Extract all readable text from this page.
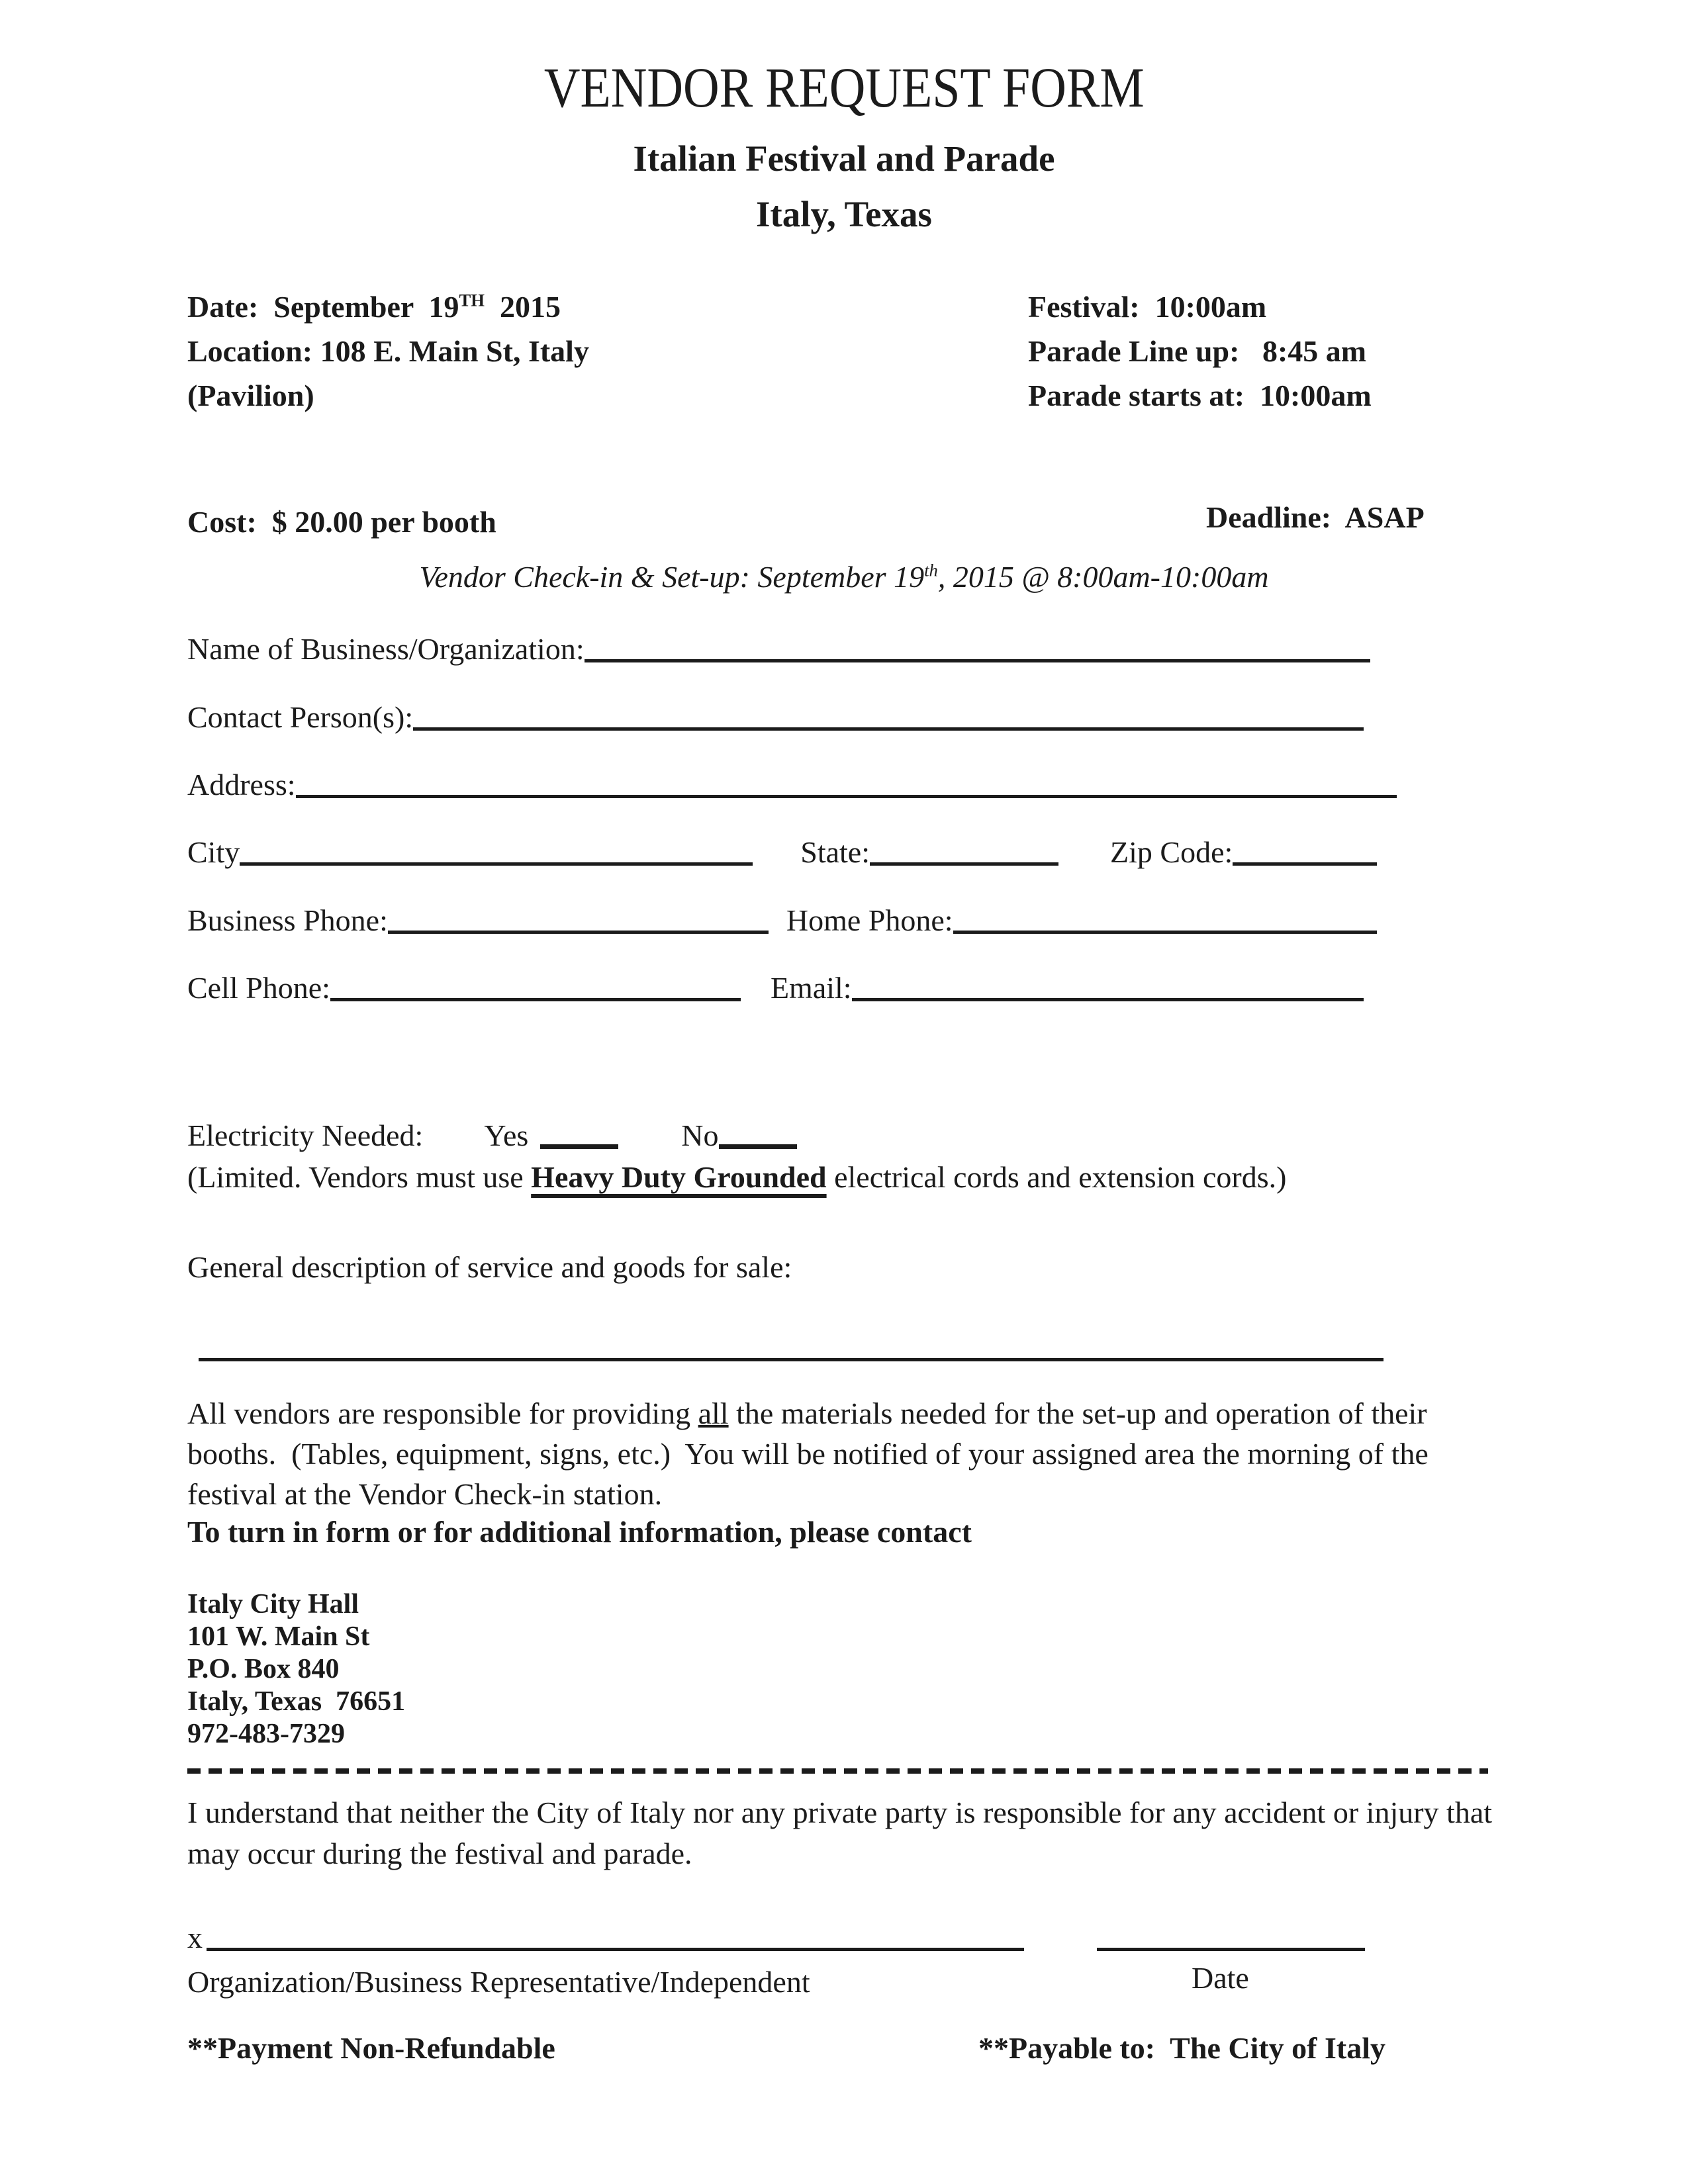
VENDOR REQUEST FORM
Italian Festival and Parade
Italy, Texas
Date:  September  19TH  2015
Location: 108 E. Main St, Italy
(Pavilion)
Festival:  10:00am
Parade Line up:   8:45 am
Parade starts at:  10:00am
Cost:  $ 20.00 per booth	Deadline:  ASAP
Vendor Check-in & Set-up: September 19th, 2015 @ 8:00am-10:00am
Name of Business/Organization:
Contact Person(s):
Address:
City	State:	Zip Code:
Business Phone:	Home Phone:
Cell Phone:	Email:
Electricity Needed: Yes	No
(Limited. Vendors must use Heavy Duty Grounded electrical cords and extension cords.)
General description of service and goods for sale:

All vendors are responsible for providing all the materials needed for the set-up and operation of their booths.  (Tables, equipment, signs, etc.)  You will be notified of your assigned area the morning of the festival at the Vendor Check-in station.

To turn in form or for additional information, please contact
Italy City Hall
101 W. Main St
P.O. Box 840
Italy, Texas  76651
972-483-7329

I understand that neither the City of Italy nor any private party is responsible for any accident or injury that may occur during the festival and parade.

x
Organization/Business Representative/Independent	Date
**Payment Non-Refundable	**Payable to:  The City of Italy
